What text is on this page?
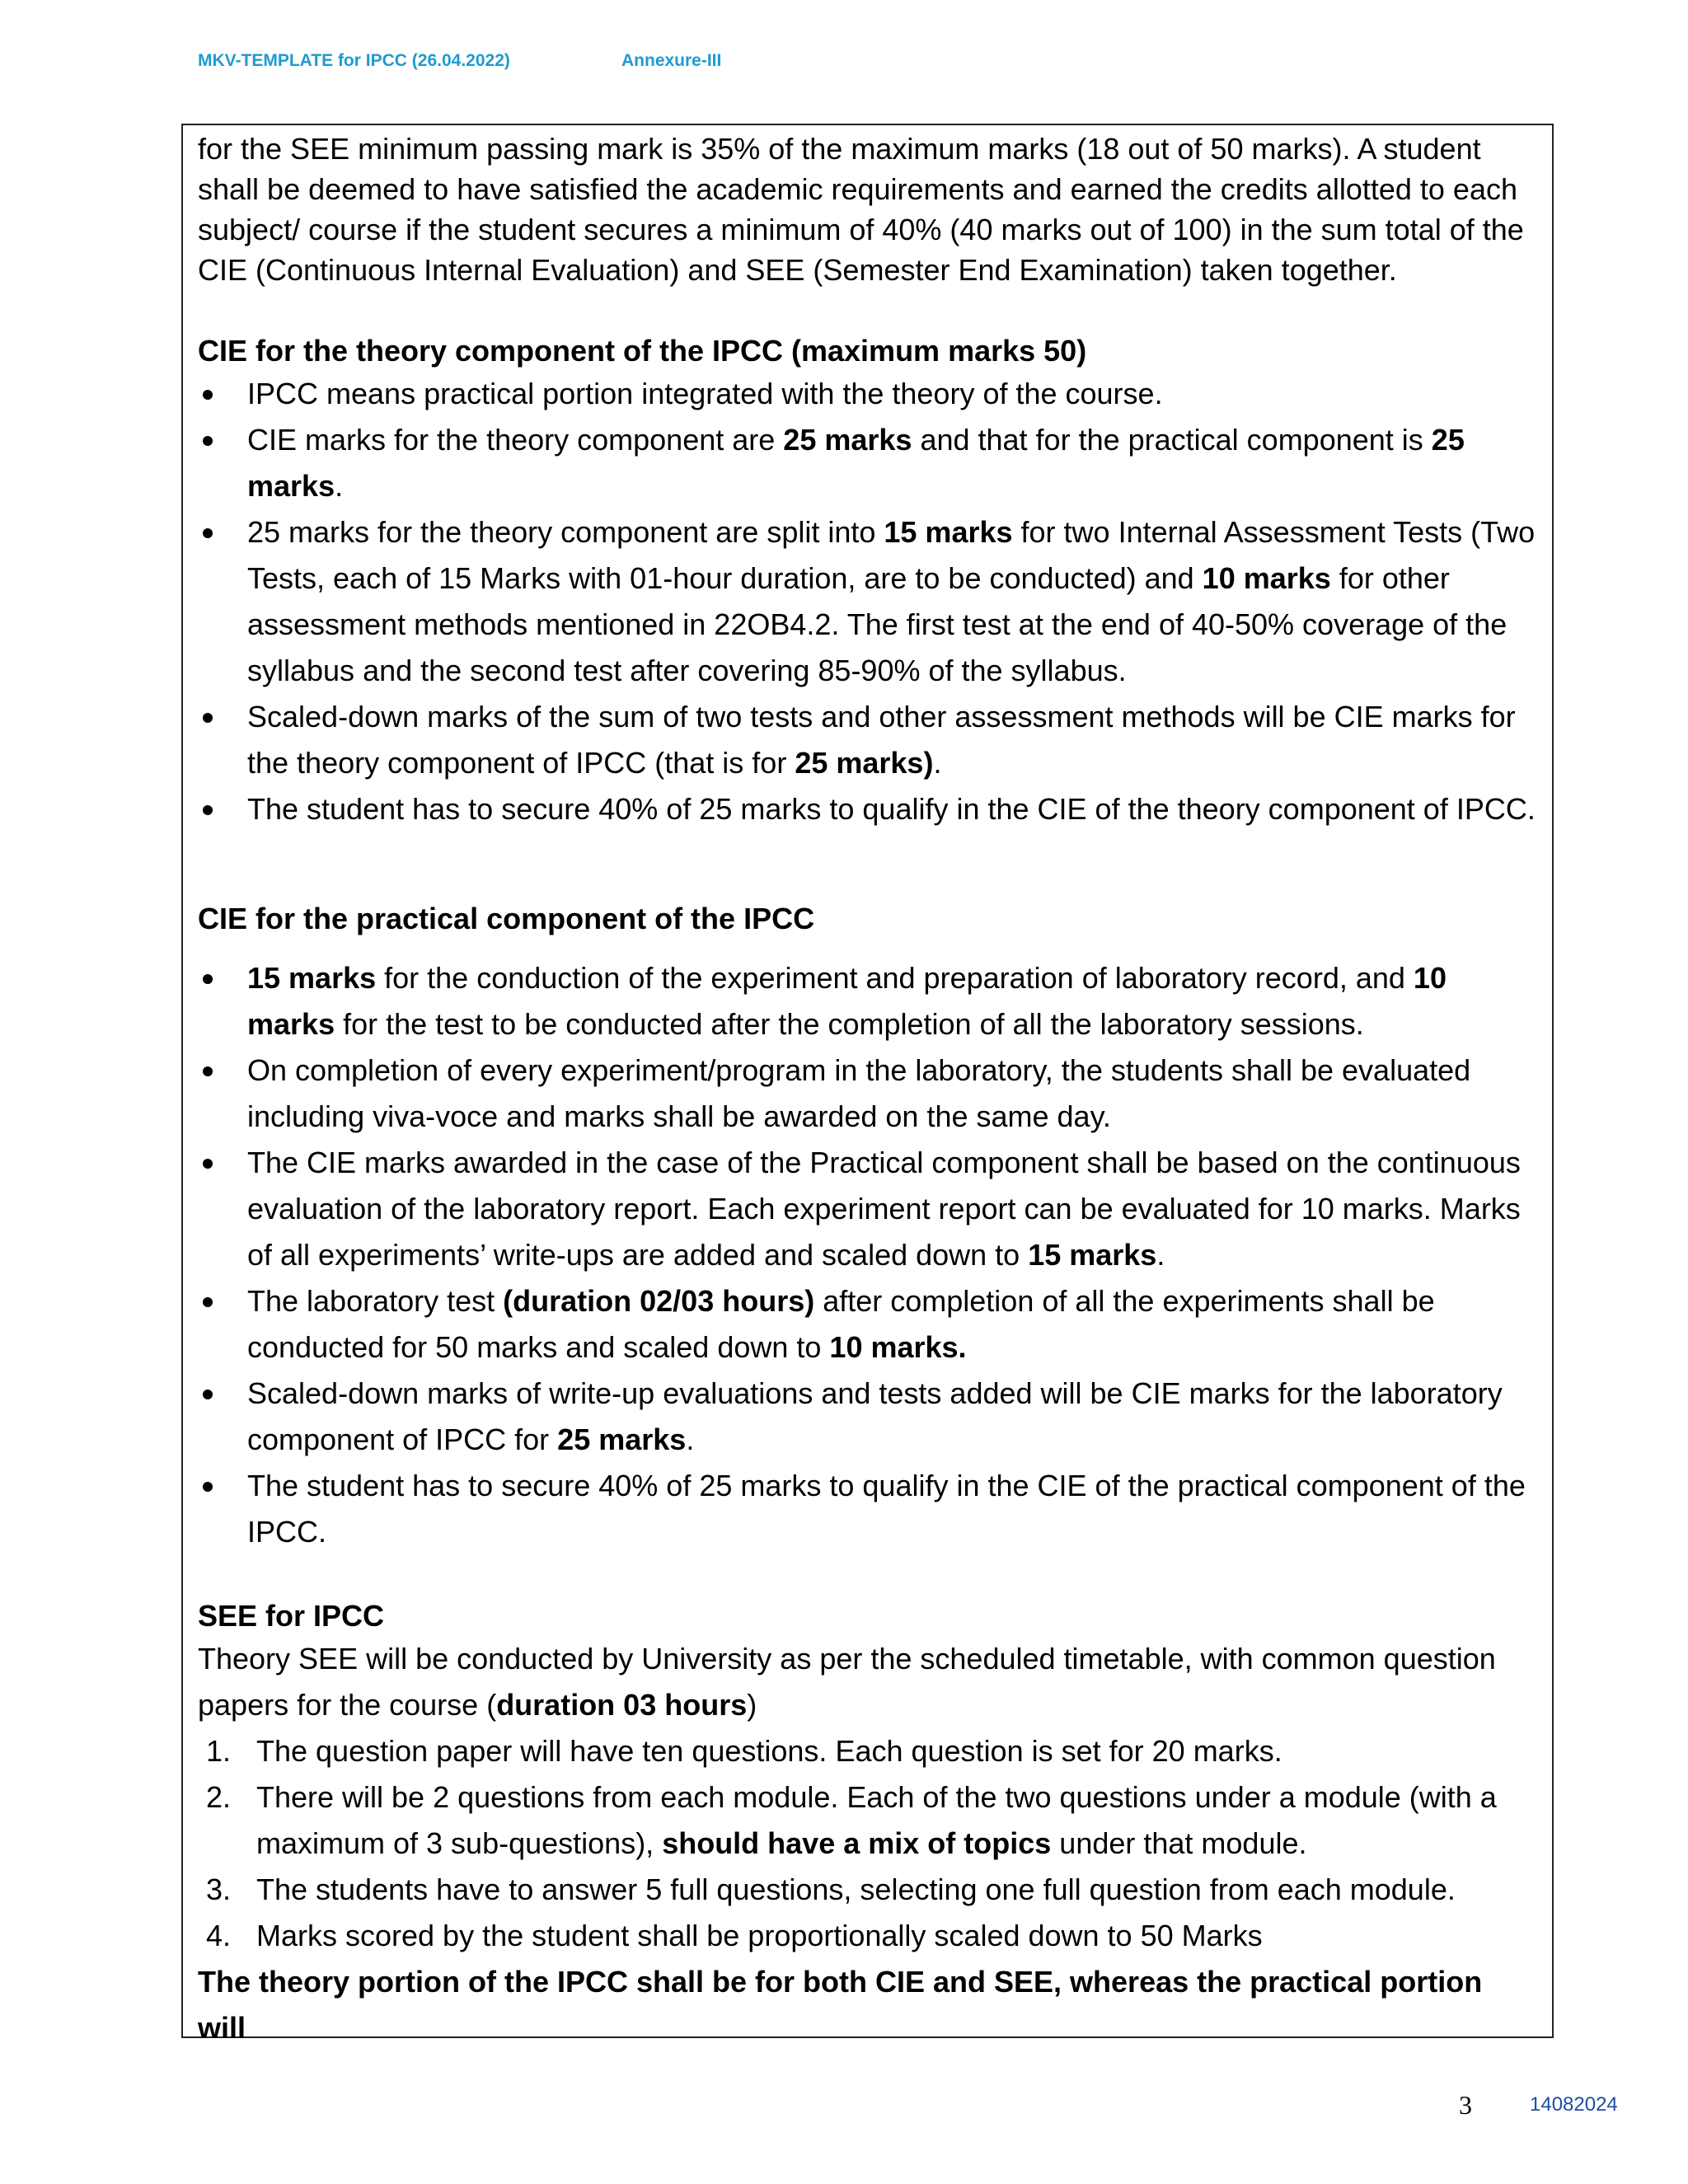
MKV-TEMPLATE for IPCC (26.04.2022)	Annexure-III

for the SEE minimum passing mark is 35% of the maximum marks (18 out of 50 marks). A student shall be deemed to have satisfied the academic requirements and earned the credits allotted to each subject/ course if the student secures a minimum of 40% (40 marks out of 100) in the sum total of the CIE (Continuous Internal Evaluation) and SEE (Semester End Examination) taken together.

CIE for the theory component of the IPCC (maximum marks 50)

IPCC means practical portion integrated with the theory of the course.
CIE marks for the theory component are 25 marks and that for the practical component is 25 marks.
25 marks for the theory component are split into 15 marks for two Internal Assessment Tests (Two Tests, each of 15 Marks with 01-hour duration, are to be conducted) and 10 marks for other assessment methods mentioned in 22OB4.2. The first test at the end of 40-50% coverage of the syllabus and the second test after covering 85-90% of the syllabus.
Scaled-down marks of the sum of two tests and other assessment methods will be CIE marks for the theory component of IPCC (that is for 25 marks).
The student has to secure 40% of 25 marks to qualify in the CIE of the theory component of IPCC.

CIE for the practical component of the IPCC

15 marks for the conduction of the experiment and preparation of laboratory record, and 10 marks for the test to be conducted after the completion of all the laboratory sessions.
On completion of every experiment/program in the laboratory, the students shall be evaluated including viva-voce and marks shall be awarded on the same day.
The CIE marks awarded in the case of the Practical component shall be based on the continuous evaluation of the laboratory report. Each experiment report can be evaluated for 10 marks. Marks of all experiments’ write-ups are added and scaled down to 15 marks.
The laboratory test (duration 02/03 hours) after completion of all the experiments shall be conducted for 50 marks and scaled down to 10 marks.
Scaled-down marks of write-up evaluations and tests added will be CIE marks for the laboratory component of IPCC for 25 marks.
The student has to secure 40% of 25 marks to qualify in the CIE of the practical component of the IPCC.

SEE for IPCC

Theory SEE will be conducted by University as per the scheduled timetable, with common question papers for the course (duration 03 hours)

1. The question paper will have ten questions. Each question is set for 20 marks.
2. There will be 2 questions from each module. Each of the two questions under a module (with a maximum of 3 sub-questions), should have a mix of topics under that module.
3. The students have to answer 5 full questions, selecting one full question from each module.
4. Marks scored by the student shall be proportionally scaled down to 50 Marks

The theory portion of the IPCC shall be for both CIE and SEE, whereas the practical portion will

3	14082024
